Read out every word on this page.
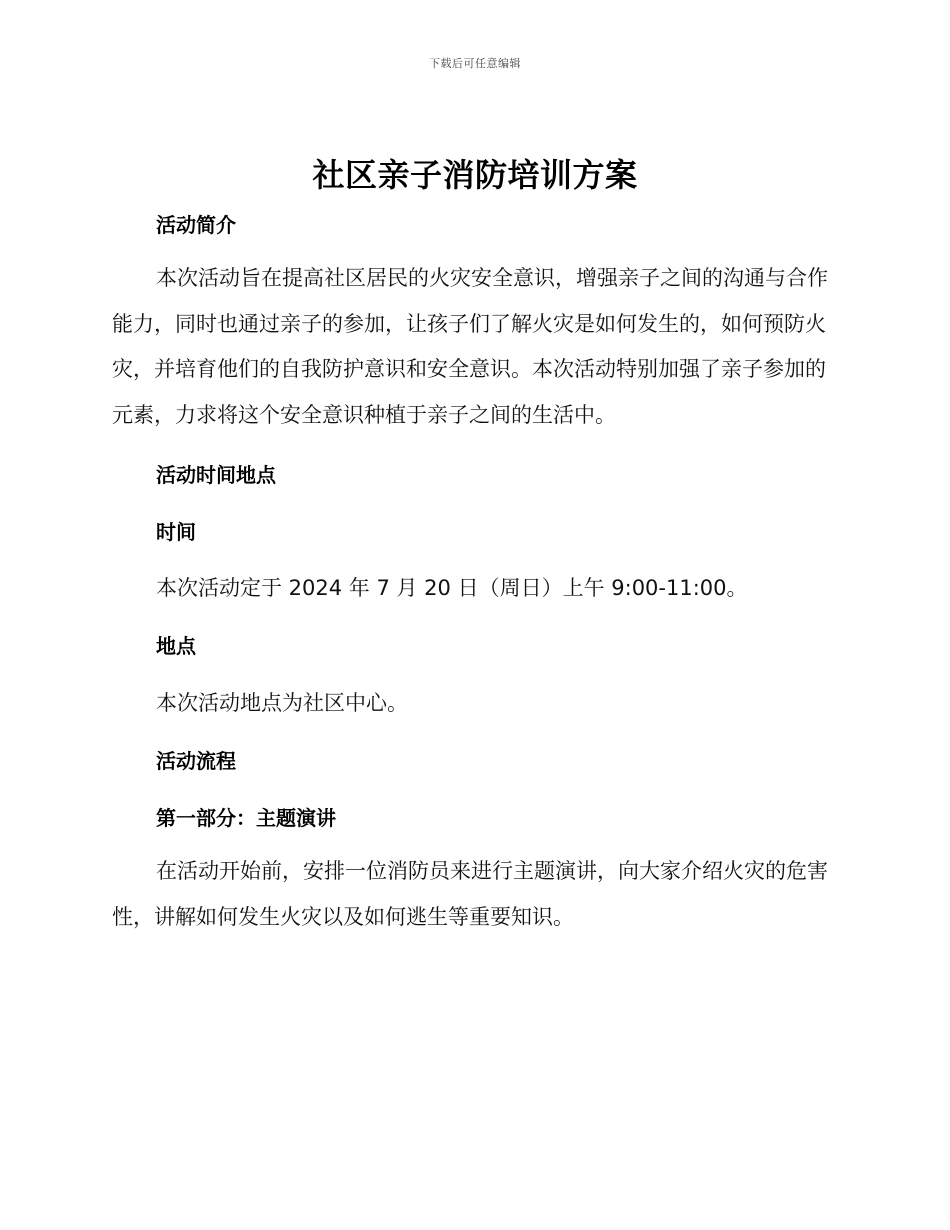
下载后可任意编辑
社区亲子消防培训方案
活动简介
本次活动旨在提高社区居民的火灾安全意识，增强亲子之间的沟通与合作能力，同时也通过亲子的参加，让孩子们了解火灾是如何发生的，如何预防火灾，并培育他们的自我防护意识和安全意识。本次活动特别加强了亲子参加的元素，力求将这个安全意识种植于亲子之间的生活中。
活动时间地点
时间
本次活动定于 2024 年 7 月 20 日（周日）上午 9:00-11:00。
地点
本次活动地点为社区中心。
活动流程
第一部分：主题演讲
在活动开始前，安排一位消防员来进行主题演讲，向大家介绍火灾的危害性，讲解如何发生火灾以及如何逃生等重要知识。
